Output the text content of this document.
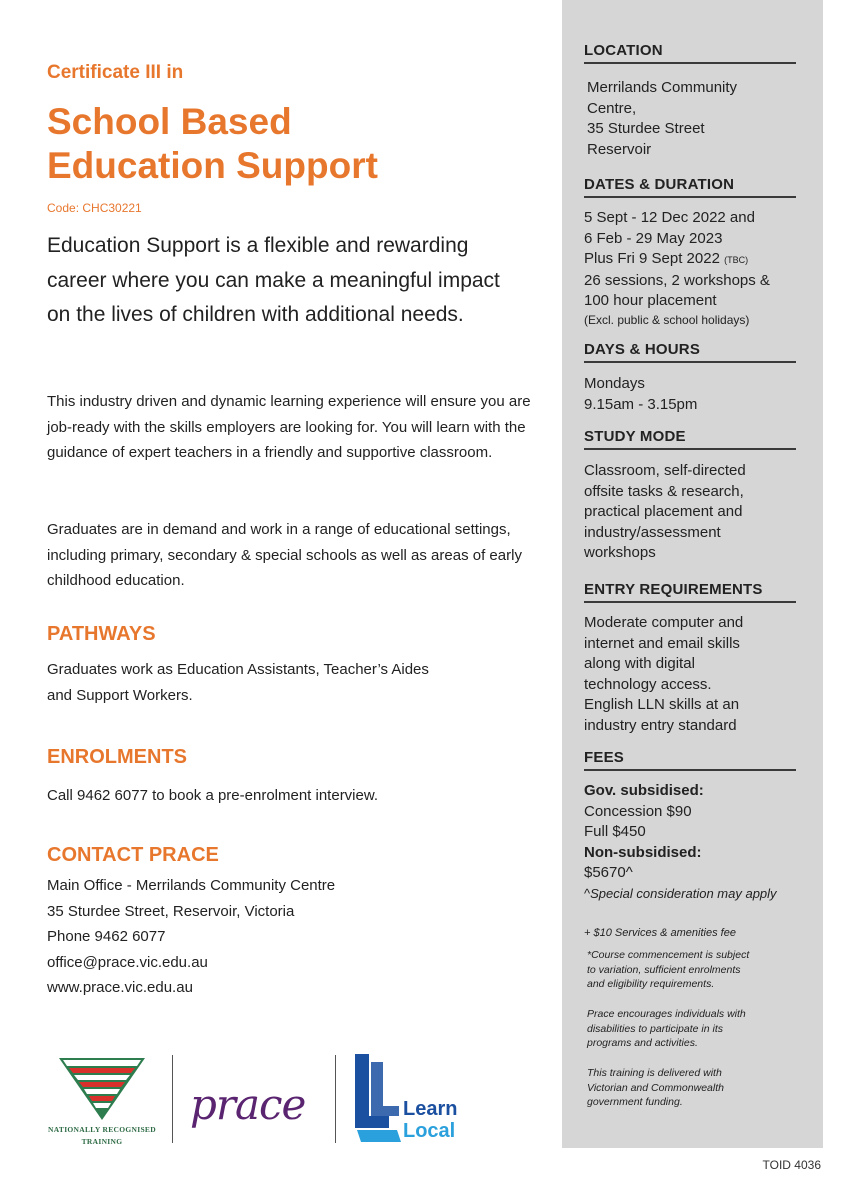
Certificate III in
School Based
Education Support
Code: CHC30221
Education Support is a flexible and rewarding career where you can make a meaningful impact on the lives of children with additional needs.
This industry driven and dynamic learning experience will ensure you are job-ready with the skills employers are looking for. You will learn with the guidance of expert teachers in a friendly and supportive classroom.
Graduates are in demand and work in a range of educational settings, including primary, secondary & special schools as well as areas of early childhood education.
PATHWAYS
Graduates work as Education Assistants, Teacher’s Aides
and Support Workers.
ENROLMENTS
Call 9462 6077 to book a pre-enrolment interview.
CONTACT PRACE
Main Office - Merrilands Community Centre
35 Sturdee Street, Reservoir, Victoria
Phone 9462 6077
office@prace.vic.edu.au
www.prace.vic.edu.au
NATIONALLY RECOGNISED
TRAINING
prace	Learn
Local
LOCATION
Merrilands Community
Centre,
35 Sturdee Street
Reservoir
DATES & DURATION
5 Sept - 12 Dec 2022 and
6 Feb - 29 May 2023
Plus Fri 9 Sept 2022 (TBC)
26 sessions, 2 workshops &
100 hour placement
(Excl. public & school holidays)
DAYS & HOURS
Mondays
9.15am - 3.15pm
STUDY MODE
Classroom, self-directed
offsite tasks & research,
practical placement and
industry/assessment
workshops
ENTRY REQUIREMENTS
Moderate computer and
internet and email skills
along with digital
technology access.
English LLN skills at an
industry entry standard
FEES
Gov. subsidised:
Concession $90
Full $450
Non-subsidised:
$5670^
^Special consideration may apply
+ $10 Services & amenities fee
*Course commencement is subject
to variation, sufficient enrolments
and eligibility requirements.
Prace encourages individuals with
disabilities to participate in its
programs and activities.
This training is delivered with
Victorian and Commonwealth
government funding.
TOID 4036
